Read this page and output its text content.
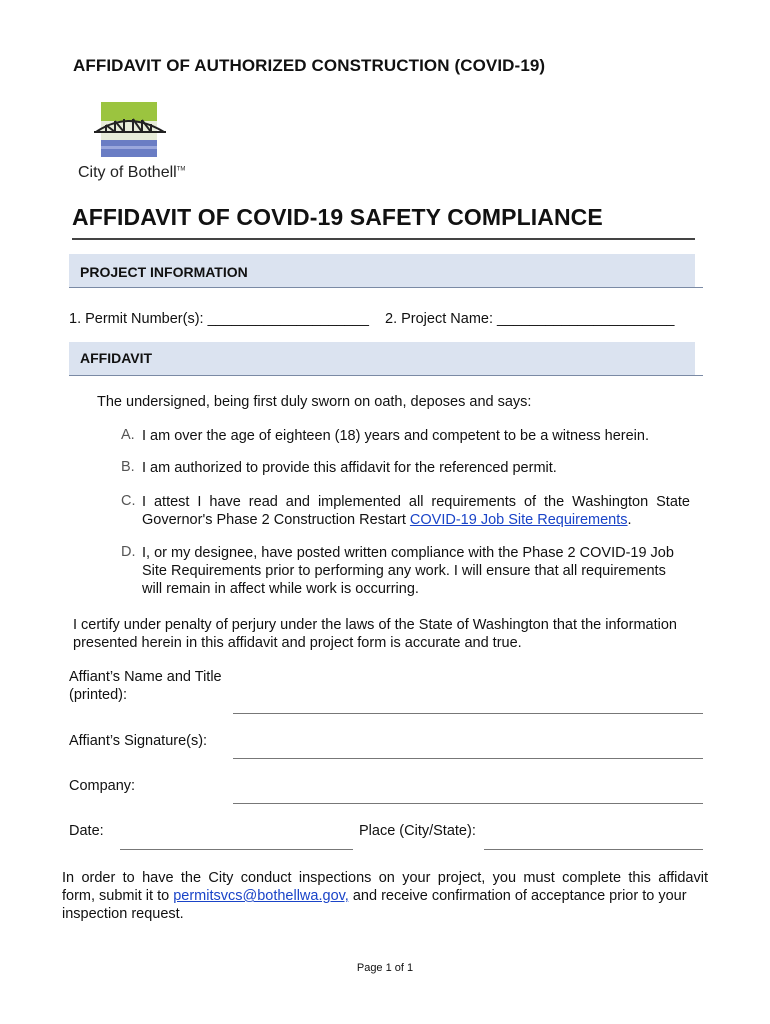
AFFIDAVIT OF AUTHORIZED CONSTRUCTION (COVID-19)
City of Bothell™
AFFIDAVIT OF COVID-19 SAFETY COMPLIANCE
PROJECT INFORMATION
1. Permit Number(s): ____________________ 2. Project Name: ______________________
AFFIDAVIT
The undersigned, being first duly sworn on oath, deposes and says:
A. I am over the age of eighteen (18) years and competent to be a witness herein.
B. I am authorized to provide this affidavit for the referenced permit.
C. I attest I have read and implemented all requirements of the Washington State
Governor's Phase 2 Construction Restart COVID-19 Job Site Requirements.
D. I, or my designee, have posted written compliance with the Phase 2 COVID-19 Job
Site Requirements prior to performing any work. I will ensure that all requirements
will remain in affect while work is occurring.
I certify under penalty of perjury under the laws of the State of Washington that the information
presented herein in this affidavit and project form is accurate and true.
Affiant’s Name and Title
(printed):
Affiant’s Signature(s):
Company:
Date:	Place (City/State):
In order to have the City conduct inspections on your project, you must complete this affidavit
form, submit it to permitsvcs@bothellwa.gov, and receive confirmation of acceptance prior to your
inspection request.
Page 1 of 1
